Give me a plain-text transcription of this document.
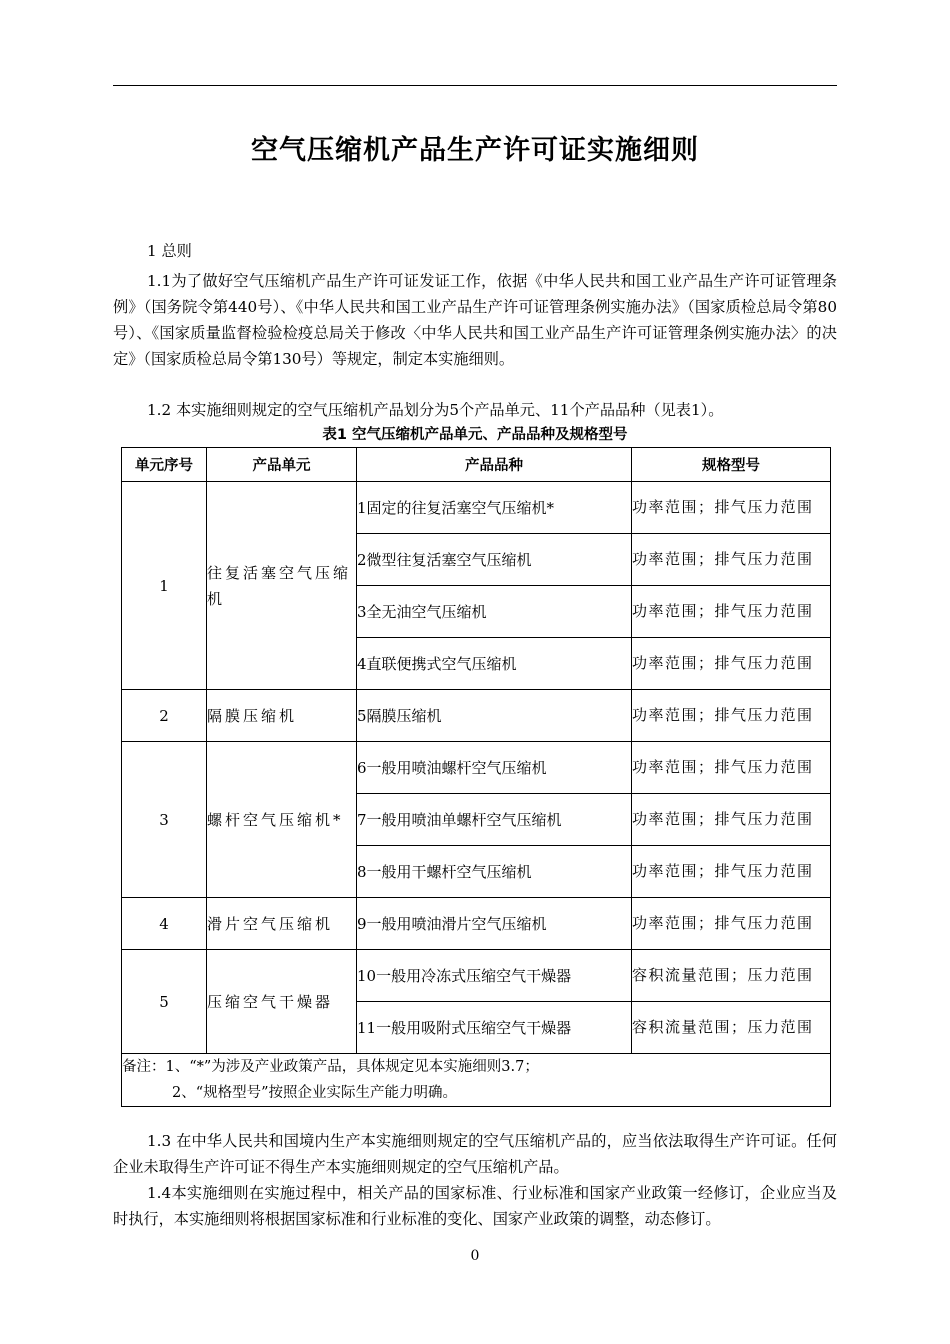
空气压缩机产品生产许可证实施细则

1 总则

1.1为了做好空气压缩机产品生产许可证发证工作，依据《中华人民共和国工业产品生产许可证管理条例》（国务院令第440号）、《中华人民共和国工业产品生产许可证管理条例实施办法》（国家质检总局令第80号）、《国家质量监督检验检疫总局关于修改〈中华人民共和国工业产品生产许可证管理条例实施办法〉的决定》（国家质检总局令第130号）等规定，制定本实施细则。

1.2 本实施细则规定的空气压缩机产品划分为5个产品单元、11个产品品种（见表1）。

表1 空气压缩机产品单元、产品品种及规格型号
单元序号	产品单元	产品品种	规格型号
1	往复活塞空气压缩机	1固定的往复活塞空气压缩机*	功率范围；排气压力范围
		2微型往复活塞空气压缩机	功率范围；排气压力范围
		3全无油空气压缩机	功率范围；排气压力范围
		4直联便携式空气压缩机	功率范围；排气压力范围
2	隔膜压缩机	5隔膜压缩机	功率范围；排气压力范围
3	螺杆空气压缩机*	6一般用喷油螺杆空气压缩机	功率范围；排气压力范围
		7一般用喷油单螺杆空气压缩机	功率范围；排气压力范围
		8一般用干螺杆空气压缩机	功率范围；排气压力范围
4	滑片空气压缩机	9一般用喷油滑片空气压缩机	功率范围；排气压力范围
5	压缩空气干燥器	10一般用冷冻式压缩空气干燥器	容积流量范围；压力范围
		11一般用吸附式压缩空气干燥器	容积流量范围；压力范围

备注：1、“*”为涉及产业政策产品，具体规定见本实施细则3.7；
2、“规格型号”按照企业实际生产能力明确。			

1.3 在中华人民共和国境内生产本实施细则规定的空气压缩机产品的，应当依法取得生产许可证。任何企业未取得生产许可证不得生产本实施细则规定的空气压缩机产品。

1.4本实施细则在实施过程中，相关产品的国家标准、行业标准和国家产业政策一经修订，企业应当及时执行，本实施细则将根据国家标准和行业标准的变化、国家产业政策的调整，动态修订。

0
